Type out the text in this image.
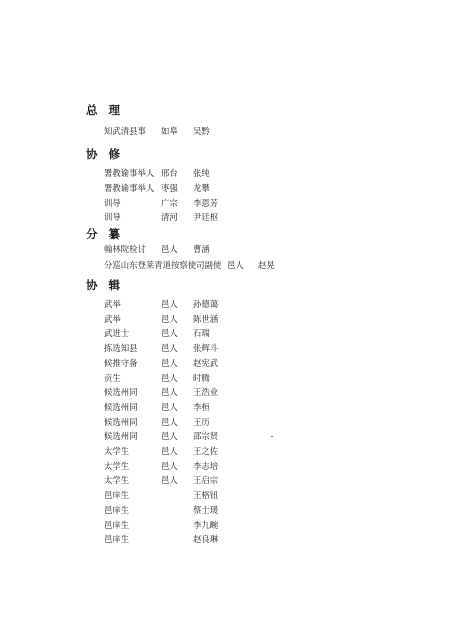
总理
知武清县事 如皋 吴黔
协修
署教谕事举人 邢台 张纯
署教谕事举人 枣强 龙攀
训导	广宗 李恩芳
训导	清河 尹廷枢
分纂
翰林院检讨 邑人 曹涵
分巡山东登莱青道按察使司副使 邑人 赵晃
协辑
武举	邑人 孙德蔼
武举	邑人 陈世涵
武进士	邑人 石瑞
拣选知县	邑人 张辉斗
候推守备	邑人 赵宪武
贡生	邑人 时腾
候选州同	邑人 王浩业
候选州同	邑人 李桓
候选州同	邑人 王历
候选州同	邑人 邵宗贤
太学生	邑人 王之佐
太学生	邑人 李志培
太学生	邑人 王启宗
邑庠生	王格钮
邑庠生	蔡士瑗
邑庠生	李九畹
邑庠生	赵良琳
